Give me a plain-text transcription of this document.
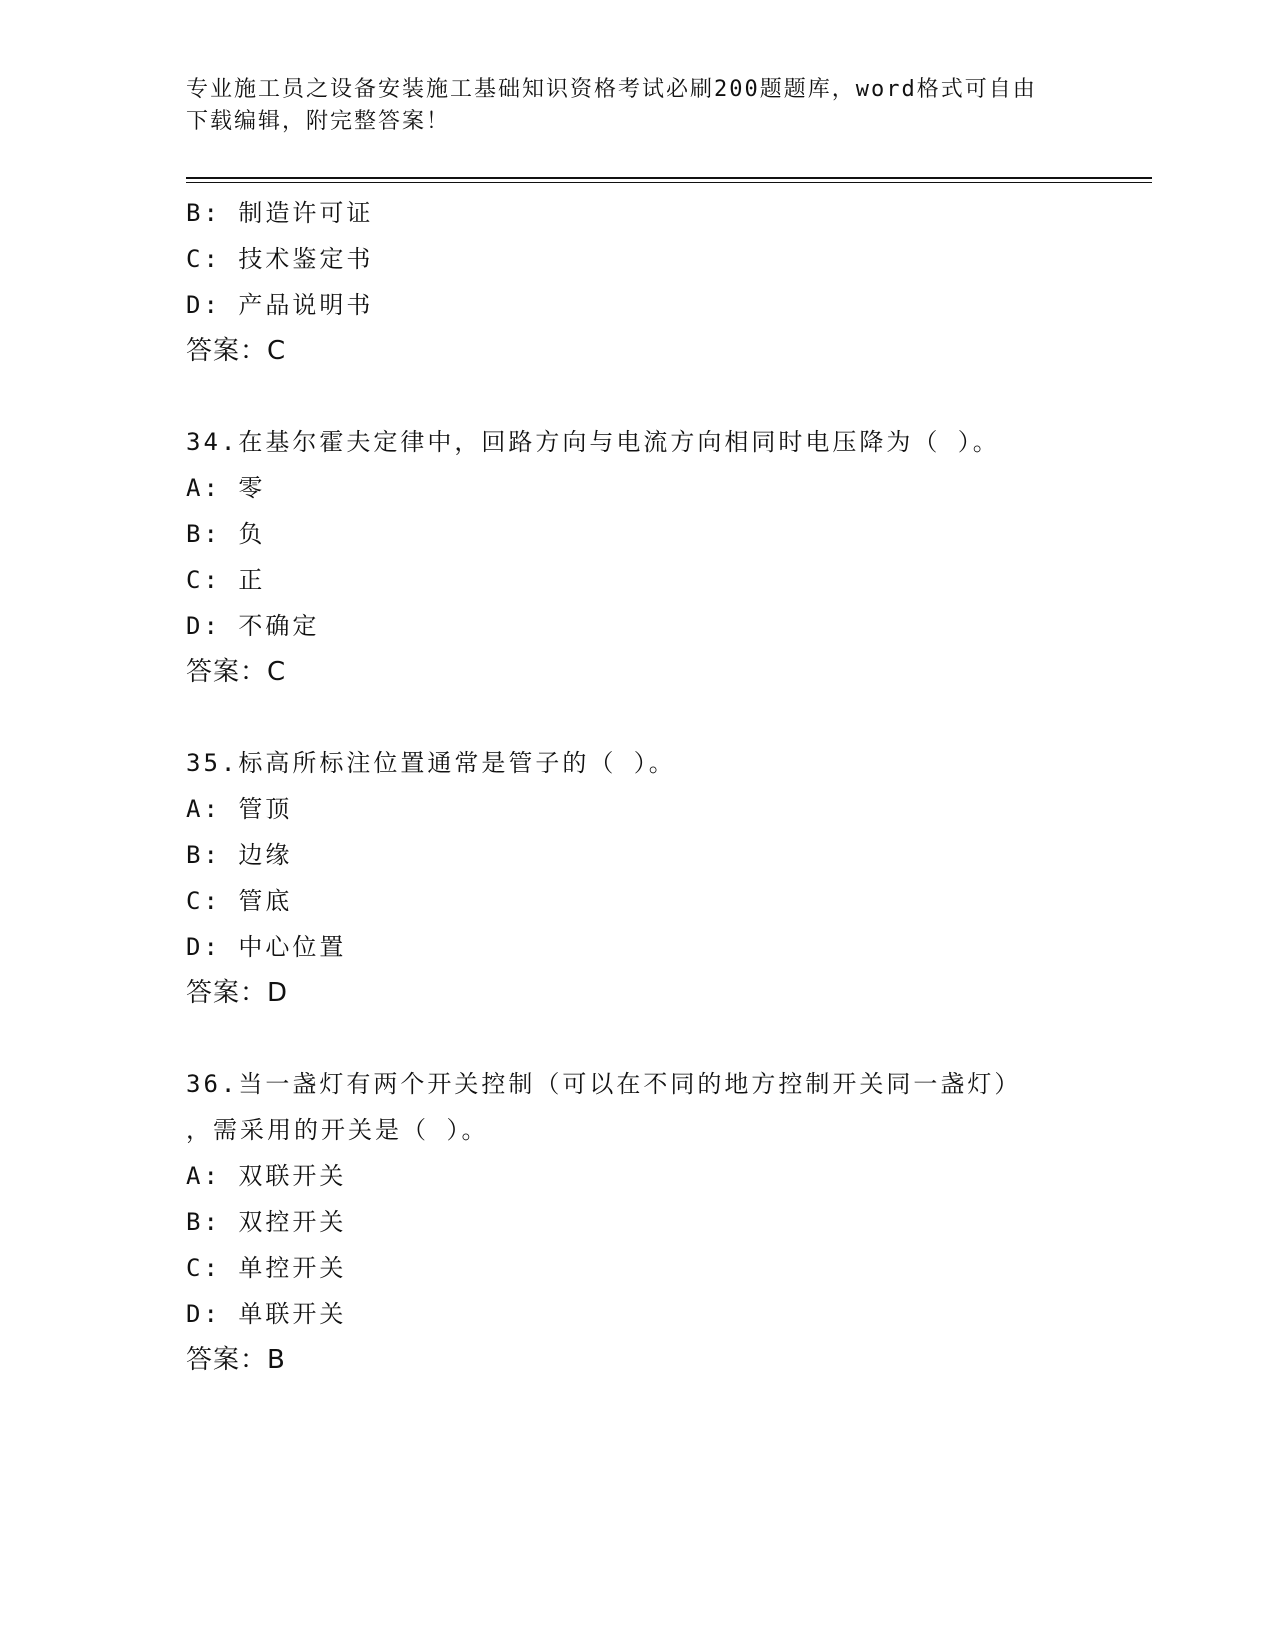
专业施工员之设备安装施工基础知识资格考试必刷200题题库，word格式可自由
下载编辑，附完整答案！
B: 制造许可证
C: 技术鉴定书
D: 产品说明书
答案：C
34.在基尔霍夫定律中，回路方向与电流方向相同时电压降为（ ）。
A: 零
B: 负
C: 正
D: 不确定
答案：C
35.标高所标注位置通常是管子的（ ）。
A: 管顶
B: 边缘
C: 管底
D: 中心位置
答案：D
36.当一盏灯有两个开关控制（可以在不同的地方控制开关同一盏灯）
，需采用的开关是（ ）。
A: 双联开关
B: 双控开关
C: 单控开关
D: 单联开关
答案：B
